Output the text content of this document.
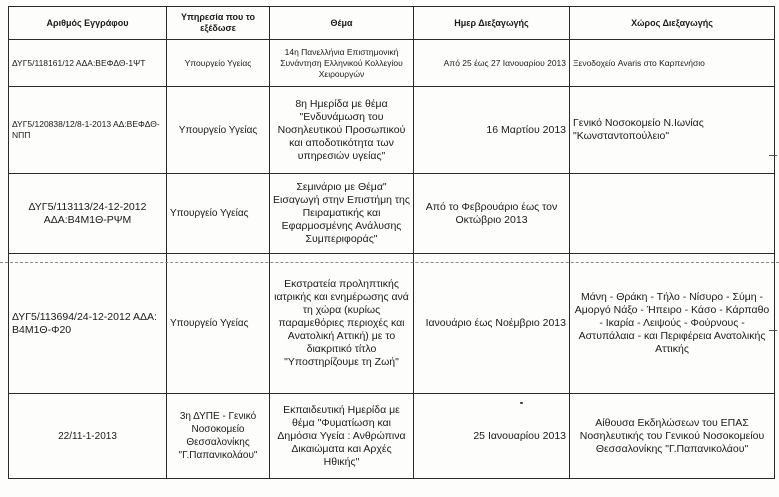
Αριθμός Εγγράφου	Υπηρεσία που το εξέδωσε	Θέμα	Ημερ Διεξαγωγής	Χώρος Διεξαγωγής
ΔΥΓ5/118161/12 ΑΔΑ:ΒΕΦΔΘ-1ΨΤ	Υπουργείο Υγείας	14η Πανελλήνια Επιστημονική Συνάντηση Ελληνικού Κολλεγίου Χειρουργών	Από 25 έως 27 Ιανουαρίου 2013	Ξενοδοχείο Avaris στο Καρπενήσιο
ΔΥΓ5/120838/12/8-1-2013 ΑΔ:ΒΕΦΔΘ-ΝΠΠ	Υπουργείο Υγείας	8η Ημερίδα με θέμα "Ενδυνάμωση του Νοσηλευτικού Προσωπικού και αποδοτικότητα των υπηρεσιών υγείας"	16 Μαρτίου 2013	Γενικό Νοσοκομείο Ν.Ιωνίας "Κωνσταντοπούλειο"
ΔΥΓ5/113113/24-12-2012 ΑΔΑ:Β4Μ1Θ-ΡΨΜ	Υπουργείο Υγείας	Σεμινάριο με Θέμα" Εισαγωγή στην Επιστήμη της Πειραματικής και Εφαρμοσμένης Ανάλυσης Συμπεριφοράς"	Από το Φεβρουάριο έως τον Οκτώβριο 2013	
ΔΥΓ5/113694/24-12-2012 ΑΔΑ: Β4Μ1Θ-Φ20	Υπουργείο Υγείας	Εκστρατεία προληπτικής ιατρικής και ενημέρωσης ανά τη χώρα (κυρίως παραμεθόριες περιοχές και Ανατολική Αττική) με το διακριτικό τίτλο "Υποστηρίζουμε τη Ζωή"	Ιανουάριο έως Νοέμβριο 2013	Μάνη - Θράκη - Τήλο - Νίσυρο - Σύμη - Αμοργό Νάξο - Ήπειρο - Κάσο - Κάρπαθο - Ικαρία - Λειψούς - Φούρνους - Αστυπάλαια - και Περιφέρεια Ανατολικής Αττικής
22/11-1-2013	3η ΔΥΠΕ - Γενικό Νοσοκομείο Θεσσαλονίκης "Γ.Παπανικολάου"	Εκπαιδευτική Ημερίδα με θέμα "Φυματίωση και Δημόσια Υγεία : Ανθρώπινα Δικαιώματα και Αρχές Ηθικής"	25 Ιανουαρίου 2013	Αίθουσα Εκδηλώσεων του ΕΠΑΣ Νοσηλευτικής του Γενικού Νοσοκομείου Θεσσαλονίκης "Γ.Παπανικολάου"
